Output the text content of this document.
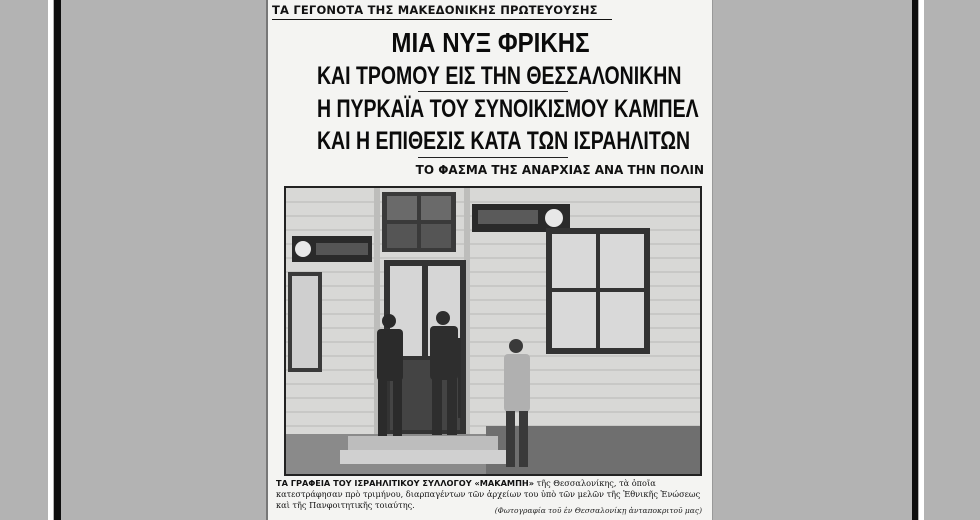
ΤΑ ΓΕΓΟΝΟΤΑ ΤΗΣ ΜΑΚΕΔΟΝΙΚΗΣ ΠΡΩΤΕΥΟΥΣΗΣ
ΜΙΑ ΝΥΞ ΦΡΙΚΗΣ
ΚΑΙ ΤΡΟΜΟΥ ΕΙΣ ΤΗΝ ΘΕΣΣΑΛΟΝΙΚΗΝ
Η ΠΥΡΚΑΪΑ ΤΟΥ ΣΥΝΟΙΚΙΣΜΟΥ ΚΑΜΠΕΛ
ΚΑΙ Η ΕΠΙΘΕΣΙΣ ΚΑΤΑ ΤΩΝ ΙΣΡΑΗΛΙΤΩΝ
ΤΟ ΦΑΣΜΑ ΤΗΣ ΑΝΑΡΧΙΑΣ ΑΝΑ ΤΗΝ ΠΟΛΙΝ
ΤΑ ΓΡΑΦΕΙΑ ΤΟΥ ΙΣΡΑΗΛΙΤΙΚΟΥ ΣΥΛΛΟΓΟΥ «ΜΑΚΑΜΠΗ» τῆς Θεσσαλονίκης, τὰ ὁποῖα κατεστράφησαν πρὸ τριμήνου, διαρπαγέντων τῶν ἀρχείων του ὑπὸ τῶν μελῶν τῆς Ἐθνικῆς Ἑνώσεως καὶ τῆς Πανφοιτητικῆς τοιαύτης.
(Φωτογραφία τοῦ ἐν Θεσσαλονίκῃ ἀνταποκριτοῦ μας)
